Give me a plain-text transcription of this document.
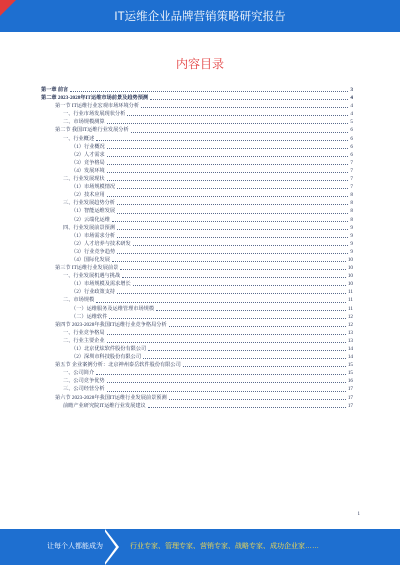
IT运维企业品牌营销策略研究报告
内容目录
第一章 前言	3
第二章 2023-2028年IT运维市场前景及趋势预测	4
第一节 IT运维行业宏观市场环境分析	4
一、行业市场发展现状分析	4
二、市场规模测算	5
第二节 我国IT运维行业发展分析	6
一、行业概述	6
（1）行业概况	6
（2）人才需求	6
（3）竞争格局	7
（4）发展环境	7
二、行业发展现状	7
（1）市场规模情况	7
（2）技术应用	8
三、行业发展趋势分析	8
（1）智能运维发展	8
（2）云端化运维	8
四、行业发展前景预测	9
（1）市场需求分析	9
（2）人才培养与技术研发	9
（3）行业竞争趋势	9
（4）国际化发展	10
第三节 IT运维行业发展前景	10
一、行业发展机遇与挑战	10
（1）市场规模及需求增长	10
（2）行业政策支持	11
二、市场规模	11
（一）运维服务及运维管理市场规模	11
（二）运维软件	12
第四节 2023-2028年我国IT运维行业竞争格局分析	12
一、行业竞争格局	13
二、行业主要企业	13
（1）北京优炫软件股份有限公司	14
（2）深圳市科技股份有限公司	14
第五节 企业案例分析：北京神州泰岳软件股份有限公司	15
一、公司简介	15
二、公司竞争优势	16
三、公司经营分析	17
第六节 2023-2028年我国IT运维行业发展前景预测	17
前瞻产业研究院IT运维行业发展建议	17
1
让每个人都能成为	行业专家、管理专家、营销专家、战略专家、成功企业家……
